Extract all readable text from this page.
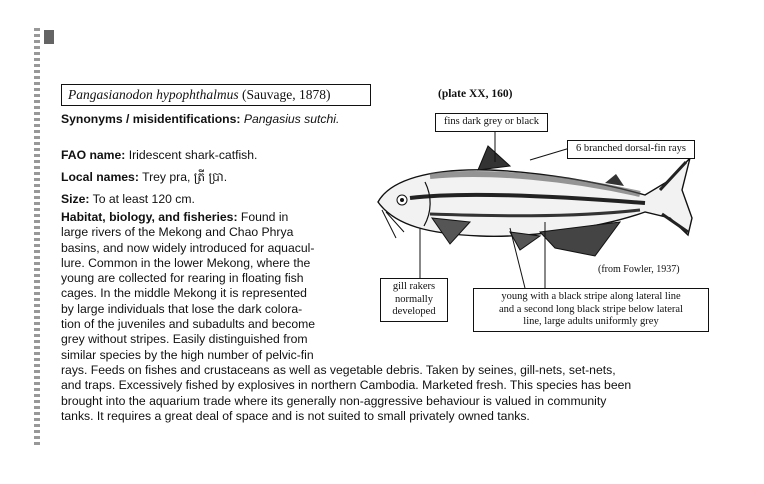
Pangasianodon hypophthalmus (Sauvage, 1878)	(plate XX, 160)
fins dark grey or black
6 branched dorsal-fin rays
gill rakers
normally
developed
young with a black stripe along lateral line
and a second long black stripe below lateral
line, large adults uniformly grey
(from Fowler, 1937)
Synonyms / misidentifications: Pangasius sutchi.
FAO name: Iridescent shark-catfish.
Local names: Trey pra, ត្រី ប្រា.
Size: To at least 120 cm.
Habitat, biology, and fisheries: Found in
large rivers of the Mekong and Chao Phrya
basins, and now widely introduced for aquacul-
lure. Common in the lower Mekong, where the
young are collected for rearing in floating fish
cages. In the middle Mekong it is represented
by large individuals that lose the dark colora-
tion of the juveniles and subadults and become
grey without stripes. Easily distinguished from
similar species by the high number of pelvic-fin
rays. Feeds on fishes and crustaceans as well as vegetable debris. Taken by seines, gill-nets, set-nets,
and traps. Excessively fished by explosives in northern Cambodia. Marketed fresh. This species has been
brought into the aquarium trade where its generally non-aggressive behaviour is valued in community
tanks. It requires a great deal of space and is not suited to small privately owned tanks.
